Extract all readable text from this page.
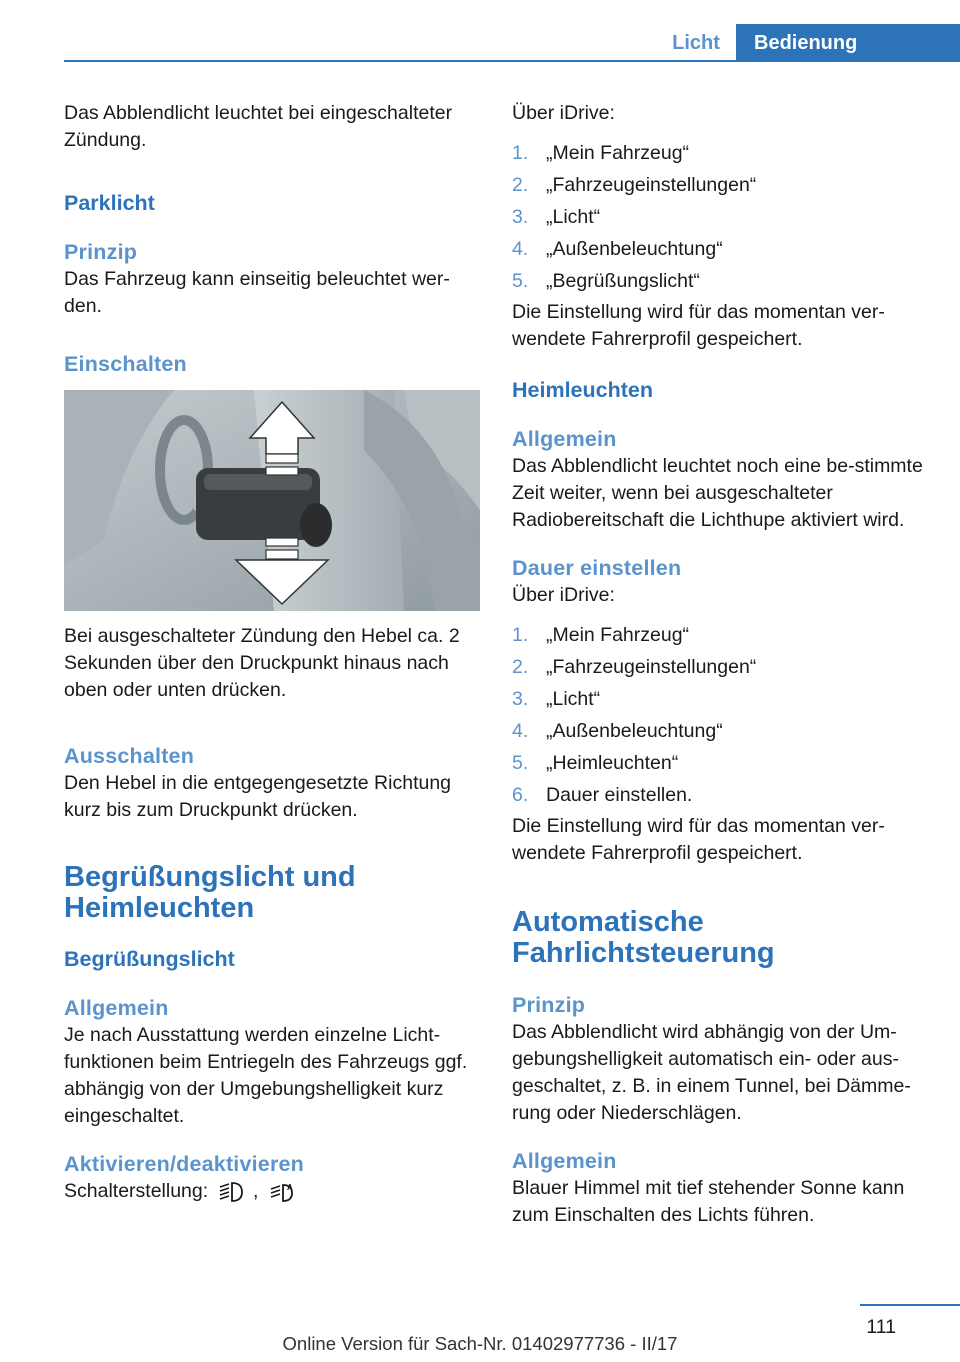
Licht	Bedienung

Das Abblendlicht leuchtet bei eingeschalteter Zündung.

Parklicht
Prinzip

Das Fahrzeug kann einseitig beleuchtet wer-den.

Einschalten

Bei ausgeschalteter Zündung den Hebel ca. 2 Sekunden über den Druckpunkt hinaus nach oben oder unten drücken.

Ausschalten

Den Hebel in die entgegengesetzte Richtung kurz bis zum Druckpunkt drücken.

Begrüßungslicht und Heimleuchten
Begrüßungslicht
Allgemein

Je nach Ausstattung werden einzelne Licht-funktionen beim Entriegeln des Fahrzeugs ggf. abhängig von der Umgebungshelligkeit kurz eingeschaltet.

Aktivieren/deaktivieren

Schalterstellung: ,	A

Über iDrive:

1. „Mein Fahrzeug“
2. „Fahrzeugeinstellungen“
3. „Licht“
4. „Außenbeleuchtung“
5. „Begrüßungslicht“

Die Einstellung wird für das momentan ver-wendete Fahrerprofil gespeichert.

Heimleuchten
Allgemein

Das Abblendlicht leuchtet noch eine be-stimmte Zeit weiter, wenn bei ausgeschalteter Radiobereitschaft die Lichthupe aktiviert wird.

Dauer einstellen

Über iDrive:

1. „Mein Fahrzeug“
2. „Fahrzeugeinstellungen“
3. „Licht“
4. „Außenbeleuchtung“
5. „Heimleuchten“
6. Dauer einstellen.

Die Einstellung wird für das momentan ver-wendete Fahrerprofil gespeichert.

Automatische Fahrlichtsteuerung
Prinzip

Das Abblendlicht wird abhängig von der Um-gebungshelligkeit automatisch ein- oder aus-geschaltet, z. B. in einem Tunnel, bei Dämme-rung oder Niederschlägen.

Allgemein

Blauer Himmel mit tief stehender Sonne kann zum Einschalten des Lichts führen.

111
Online Version für Sach-Nr. 01402977736 - II/17
